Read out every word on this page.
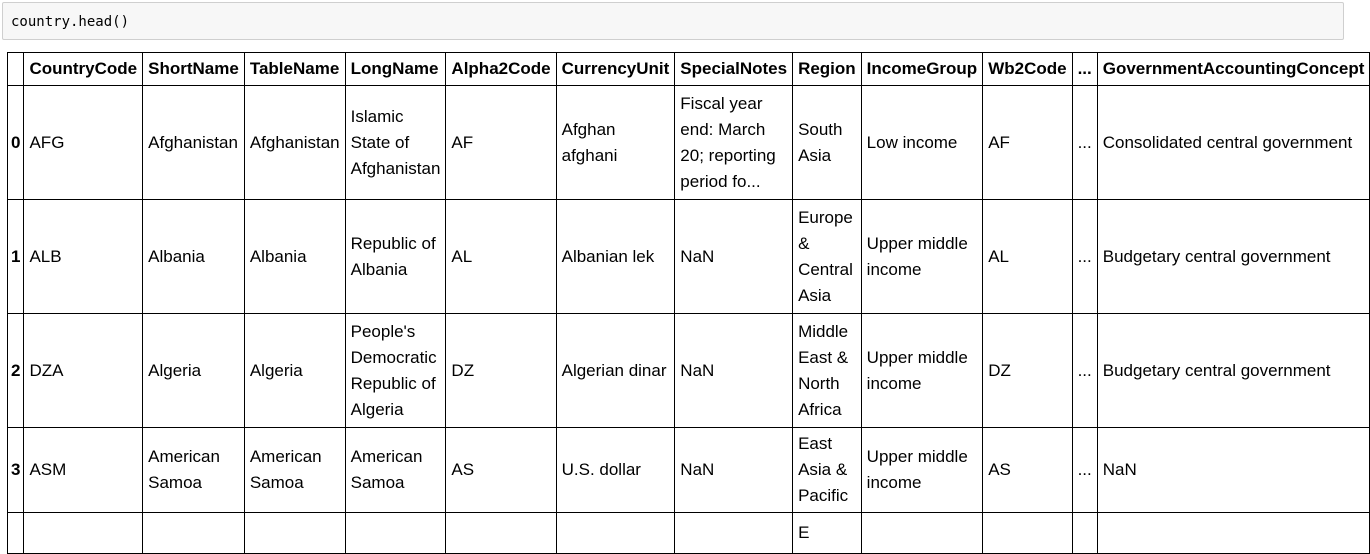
country.head()
	CountryCode	ShortName	TableName	LongName	Alpha2Code	CurrencyUnit	SpecialNotes	Region	IncomeGroup	Wb2Code	...	GovernmentAccountingConcept
0	AFG	Afghanistan	Afghanistan	Islamic State of Afghanistan	AF	Afghan afghani	Fiscal year end: March 20; reporting period fo...	South Asia	Low income	AF	...	Consolidated central government
1	ALB	Albania	Albania	Republic of Albania	AL	Albanian lek	NaN	Europe & Central Asia	Upper middle income	AL	...	Budgetary central government
2	DZA	Algeria	Algeria	People's Democratic Republic of Algeria	DZ	Algerian dinar	NaN	Middle East & North Africa	Upper middle income	DZ	...	Budgetary central government
3	ASM	American Samoa	American Samoa	American Samoa	AS	U.S. dollar	NaN	East Asia & Pacific	Upper middle income	AS	...	NaN
								E				
